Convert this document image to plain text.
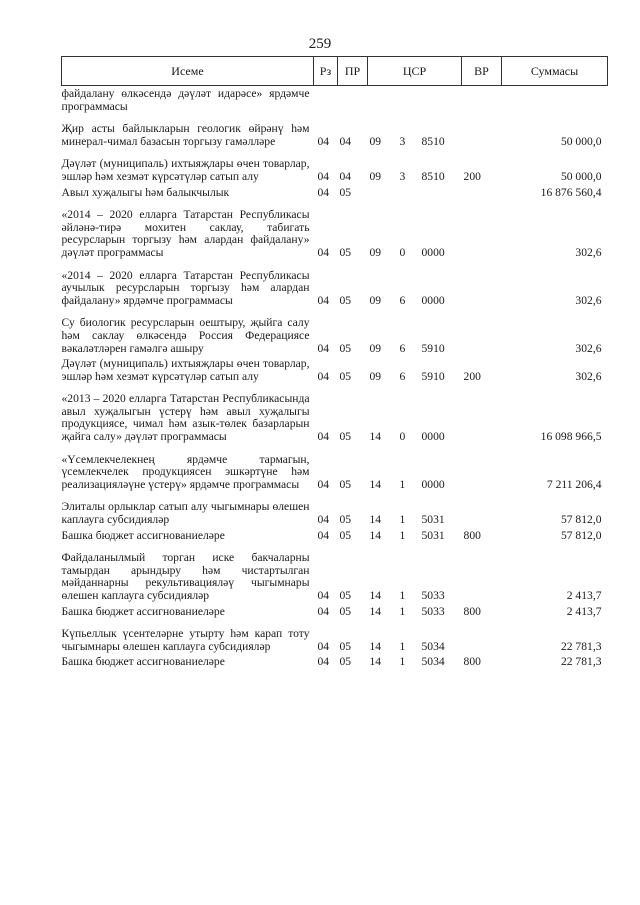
259
Исеме	Рз	ПР	ЦСР			ВР	Суммасы
файдалану өлкәсендә дәүләт идарәсе» ярдәмче программасы							
Җир асты байлыкларын геологик өйрәнү һәм минерал-чимал базасын торгызу гамәлләре	04	04	09	3	8510		50 000,0
Дәүләт (муниципаль) ихтыяҗлары өчен товарлар, эшләр һәм хезмәт күрсәтүләр сатып алу	04	04	09	3	8510	200	50 000,0
Авыл хуҗалыгы һәм балыкчылык	04	05					16 876 560,4
«2014 – 2020 елларга Татарстан Республикасы әйләнә-тирә мохитен саклау, табигать ресурсларын торгызу һәм алардан файдалану» дәүләт программасы	04	05	09	0	0000		302,6
«2014 – 2020 елларга Татарстан Республикасы аучылык ресурсларын торгызу һәм алардан файдалану» ярдәмче программасы	04	05	09	6	0000		302,6
Су биологик ресурсларын оештыру, җыйга салу һәм саклау өлкәсендә Россия Федерациясе вәкаләтләрен гамәлгә ашыру	04	05	09	6	5910		302,6
Дәүләт (муниципаль) ихтыяҗлары өчен товарлар, эшләр һәм хезмәт күрсәтүләр сатып алу	04	05	09	6	5910	200	302,6
«2013 – 2020 елларга Татарстан Республикасында авыл хуҗалыгын үстерү һәм авыл хуҗалыгы продукциясе, чимал һәм азык-төлек базарларын җайга салу» дәүләт программасы	04	05	14	0	0000		16 098 966,5
«Үсемлекчелекнең ярдәмче тармагын, үсемлекчелек продукциясен эшкәртүне һәм реализацияләүне үстерү» ярдәмче программасы	04	05	14	1	0000		7 211 206,4
Элиталы орлыклар сатып алу чыгымнары өлешен каплауга субсидияләр	04	05	14	1	5031		57 812,0
Башка бюджет ассигнованиеләре	04	05	14	1	5031	800	57 812,0
Файдаланылмый торган иске бакчаларны тамырдан арындыру һәм чистартылган мәйданнарны рекультивацияләү чыгымнары өлешен каплауга субсидияләр	04	05	14	1	5033		2 413,7
Башка бюджет ассигнованиеләре	04	05	14	1	5033	800	2 413,7
Күпьеллык үсентеләрне утырту һәм карап тоту чыгымнары өлешен каплауга субсидияләр	04	05	14	1	5034		22 781,3
Башка бюджет ассигнованиеләре	04	05	14	1	5034	800	22 781,3
